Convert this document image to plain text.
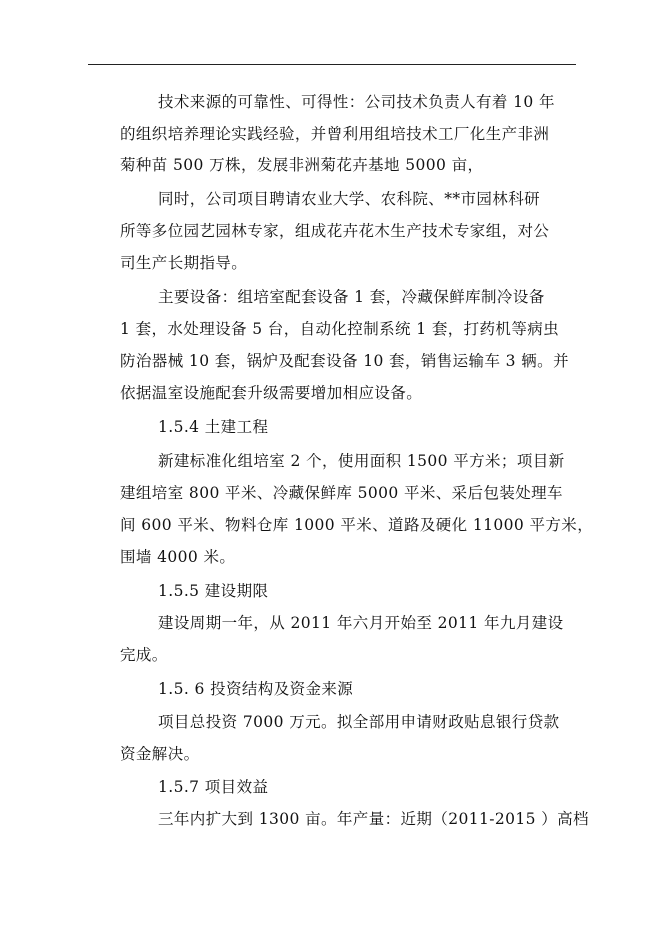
技术来源的可靠性、可得性：公司技术负责人有着 10 年
的组织培养理论实践经验，并曾利用组培技术工厂化生产非洲
菊种苗 500 万株，发展非洲菊花卉基地 5000 亩，
同时，公司项目聘请农业大学、农科院、**市园林科研
所等多位园艺园林专家，组成花卉花木生产技术专家组，对公
司生产长期指导。
主要设备：组培室配套设备 1 套，冷藏保鲜库制冷设备
1 套，水处理设备 5 台，自动化控制系统 1 套，打药机等病虫
防治器械 10 套，锅炉及配套设备 10 套，销售运输车 3 辆。并
依据温室设施配套升级需要增加相应设备。
1.5.4 土建工程
新建标准化组培室 2 个，使用面积 1500 平方米；项目新
建组培室 800 平米、冷藏保鲜库 5000 平米、采后包装处理车
间 600 平米、物料仓库 1000 平米、道路及硬化 11000 平方米，
围墙 4000 米。
1.5.5 建设期限
建设周期一年，从 2011 年六月开始至 2011 年九月建设
完成。
1.5. 6 投资结构及资金来源
项目总投资 7000 万元。拟全部用申请财政贴息银行贷款
资金解决。
1.5.7 项目效益
三年内扩大到 1300 亩。年产量：近期（2011-2015 ）高档
